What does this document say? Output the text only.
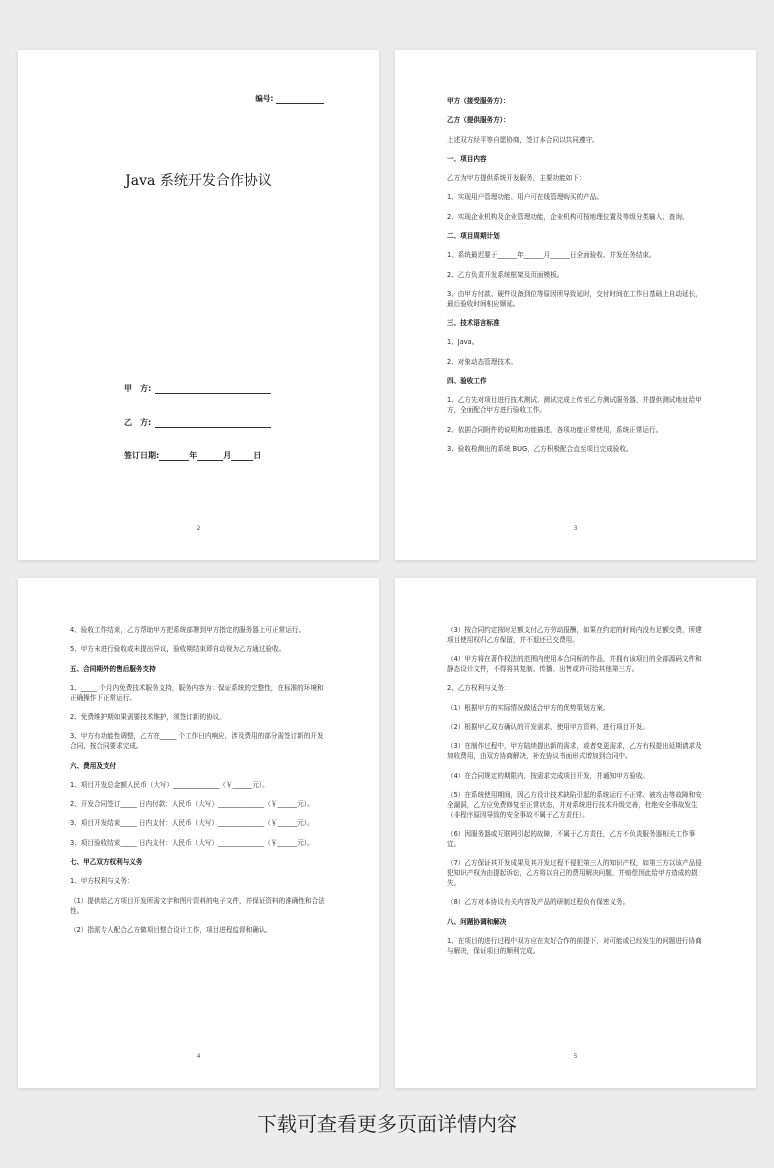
编号:
Java 系统开发合作协议
甲　方:
乙　方:
签订日期:	年	月	日
2

甲方（接受服务方）：

乙方（提供服务方）：

上述双方经平等自愿协商，签订本合同以共同遵守。

一、项目内容

乙方为甲方提供系统开发服务，主要功能如下：

1、实现用户管理功能、用户可在线管理购买的产品。

2、实现企业机构及企业管理功能，企业机构可按地理位置及等级分类输入、查询。

二、项目周期计划

1、系统最迟要于______年______月______日全面验收、并发任务结束。

2、乙方负责开发系统框架及页面模板。

3、由甲方付款、硬件设备到位等原因所导致延时，交付时间在工作日基础上自动延长，最后验收时间相应顺延。

三、技术语言标准

1、Java。

2、对象动态管理技术。

四、验收工作

1、乙方先对项目进行技术测试、测试完成上传至乙方测试服务器，并提供测试地址给甲方，全面配合甲方进行验收工作。

2、依据合同附件的说明和功能描述，各项功能正常使用，系统正常运行。

3、验收检测出的系统 BUG，乙方积极配合直至项目完成验收。

3

4、验收工作结束，乙方帮助甲方把系统部署到甲方指定的服务器上可正常运行。

5、甲方未进行验收或未提出异议，验收期结束即自动视为乙方通过验收。

五、合同期外的售后服务支持

1、_____ 个月内免费技术服务支持，服务内容为：保证系统的完整性，在标准的环境和正确操作下正常运行。

2、免费维护期如果需要技术维护，须签订新的协议。

3、甲方有功能性调整，乙方在_____ 个工作日内响应，涉及费用的部分需签订新的开发合同，按合同要求完成。

六、费用及支付

1、项目开发总金额人民币（大写）______________（￥______元）。

2、开发合同签订_____ 日内付款：人民币（大写）______________（￥______元）。

3、项目开发结束_____ 日内支付：人民币（大写）______________（￥______元）。

3、项目验收结束_____ 日内支付：人民币（大写）______________（￥______元）。

七、甲乙双方权利与义务

1、甲方权利与义务：

（1）提供给乙方项目开发所需文字和图片资料的电子文件，并保证资料的准确性和合法性。

（2）指派专人配合乙方做项目整合设计工作，项目进程监督和确认。

4

（3）按合同约定按时足额支付乙方劳动报酬，如果在约定的时间内没有足额交费，所建项目使用权归乙方保留，并不退还已交费用。

（4）甲方将在著作权法的范围内使用本合同标的作品，并拥有该项目的全部源码文件和静态设计文件，不得将其复制、传播、出售或许可给其他第三方。

2、乙方权利与义务：

（1）根据甲方的实际情况做适合甲方的优势策划方案。

（2）根据甲乙双方确认的开发需求，使用甲方资料，进行项目开发。

（3）在制作过程中，甲方陆续提出新的需求，或者变更需求，乙方有权提出延期请求及加收费用，由双方协商解决，补充协议书面形式增加到合同中。

（4）在合同规定的期限内，按需求完成项目开发，并通知甲方验收。

（5）在系统使用期间，因乙方设计技术缺陷引起的系统运行不正常、被攻击等故障和安全漏洞，乙方应免费修复至正常状态，并对系统进行技术升级完善，杜绝安全事故发生（非程序原因导致的安全事故不属于乙方责任）。

（6）因服务器或互联网引起的故障，不属于乙方责任，乙方不负责服务器相关工作事宜。

（7）乙方保证其开发成果及其开发过程不侵犯第三人的知识产权，如第三方以该产品侵犯知识产权为由提起诉讼，乙方将以自己的费用解决问题，并赔偿因此给甲方造成的损失。

（8）乙方对本协议有关内容及产品的研制过程负有保密义务。

八、问题协调和解决

1、在项目的进行过程中双方应在友好合作的前提下，对可能或已经发生的问题进行协商与解决，保证项目的顺利完成。

5
下载可查看更多页面详情内容
